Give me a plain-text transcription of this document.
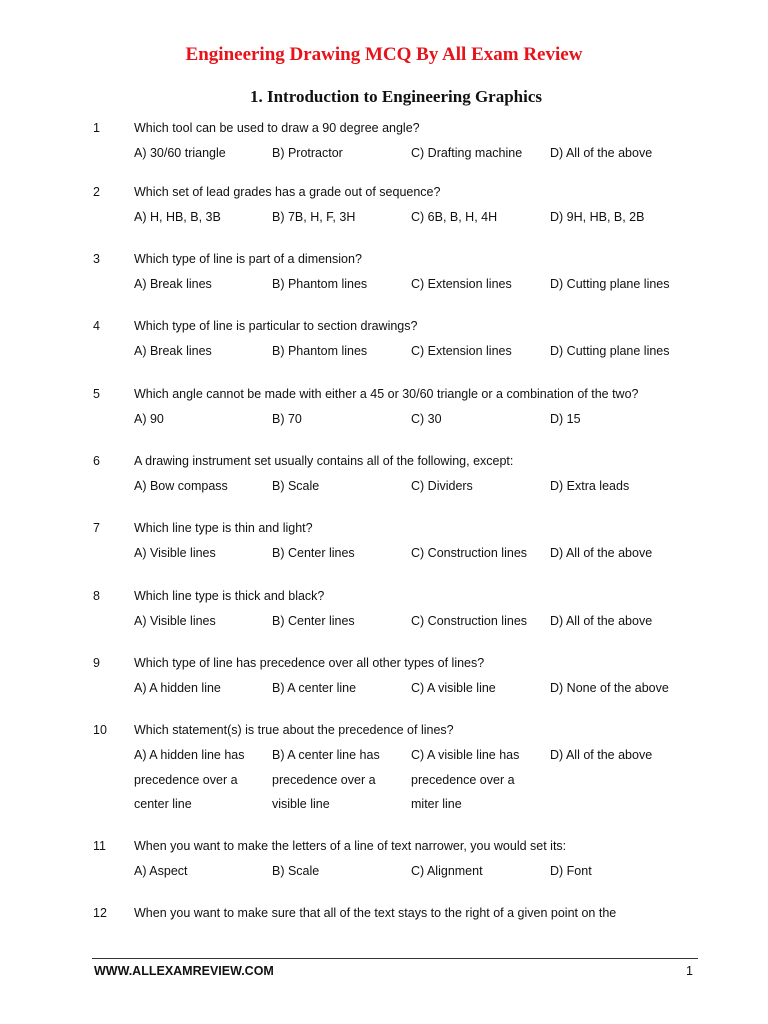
Engineering Drawing MCQ By All Exam Review
1. Introduction to Engineering Graphics
1	Which tool can be used to draw a 90 degree angle?
A) 30/60 triangle	B) Protractor	C) Drafting machine	D) All of the above
2	Which set of lead grades has a grade out of sequence?
A) H, HB, B, 3B	B) 7B, H, F, 3H	C) 6B, B, H, 4H	D) 9H, HB, B, 2B
3	Which type of line is part of a dimension?
A) Break lines	B) Phantom lines	C) Extension lines	D) Cutting plane lines
4	Which type of line is particular to section drawings?
A) Break lines	B) Phantom lines	C) Extension lines	D) Cutting plane lines
5	Which angle cannot be made with either a 45 or 30/60 triangle or a combination of the two?
A) 90	B) 70	C) 30	D) 15
6	A drawing instrument set usually contains all of the following, except:
A) Bow compass	B) Scale	C) Dividers	D) Extra leads
7	Which line type is thin and light?
A) Visible lines	B) Center lines	C) Construction lines	D) All of the above
8	Which line type is thick and black?
A) Visible lines	B) Center lines	C) Construction lines	D) All of the above
9	Which type of line has precedence over all other types of lines?
A) A hidden line	B) A center line	C) A visible line	D) None of the above
10 Which statement(s) is true about the precedence of lines?
A) A hidden line has precedence over a center line
B) A center line has precedence over a visible line
C) A visible line has precedence over a miter line
D) All of the above
11 When you want to make the letters of a line of text narrower, you would set its:
A) Aspect	B) Scale	C) Alignment	D) Font
12 When you want to make sure that all of the text stays to the right of a given point on the
WWW.ALLEXAMREVIEW.COM	1
